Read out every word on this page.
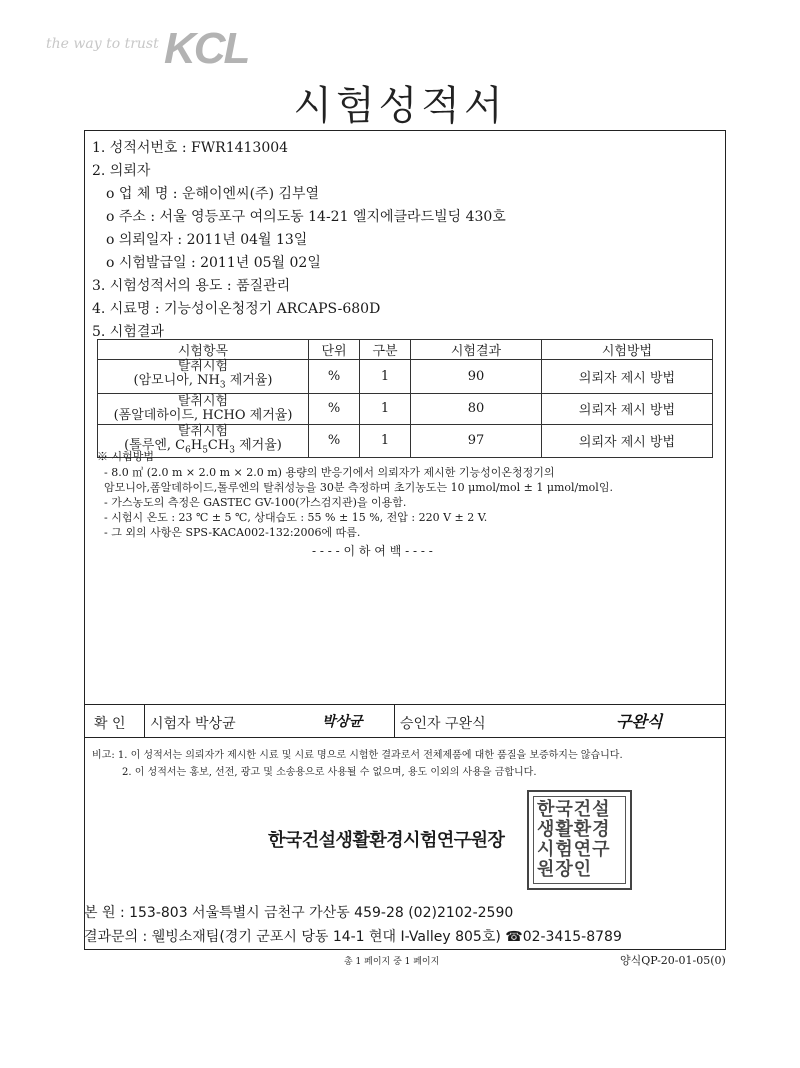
the way to trust KCL
시험성적서
1. 성적서번호 : FWR1413004
2. 의뢰자
o 업 체 명 : 운해이엔씨(주) 김부열
o 주소 : 서울 영등포구 여의도동 14-21 엘지에클라드빌딩 430호
o 의뢰일자 : 2011년 04월 13일
o 시험발급일 : 2011년 05월 02일
3. 시험성적서의 용도 : 품질관리
4. 시료명 : 기능성이온청정기 ARCAPS-680D
5. 시험결과
시험항목	단위	구분	시험결과	시험방법

탈취시험
(암모니아, $NH_3$ 제거율)	%	1	90	의뢰자 제시 방법

탈취시험
(폼알데하이드, HCHO 제거율)	%	1	80	의뢰자 제시 방법

탈취시험
(톨루엔, $C_6H_5CH_3$ 제거율)	%	1	97	의뢰자 제시 방법
※ 시험방법
- 8.0 ㎥ (2.0 m × 2.0 m × 2.0 m) 용량의 반응기에서 의뢰자가 제시한 기능성이온청정기의
암모니아,폼알데하이드,톨루엔의 탈취성능을 30분 측정하며 초기농도는 10 μmol/mol ± 1 μmol/mol임.
- 가스농도의 측정은 GASTEC GV-100(가스검지관)을 이용함.
- 시험시 온도 : 23 ℃ ± 5 ℃, 상대습도 : 55 % ± 15 %, 전압 : 220 V ± 2 V.
- 그 외의 사항은 SPS-KACA002-132:2006에 따름.
- - - - 이 하 여 백 - - - -
확 인 시험자 박상균	박상균	승인자 구완식	구완식
비고: 1. 이 성적서는 의뢰자가 제시한 시료 및 시료 명으로 시험한 결과로서 전체제품에 대한 품질을 보증하지는 않습니다.
2. 이 성적서는 홍보, 선전, 광고 및 소송용으로 사용될 수 없으며, 용도 이외의 사용을 금합니다.
한국건설생활환경시험연구원장
한국건설
생활환경
시험연구
원장인
본 원 : 153-803 서울특별시 금천구 가산동 459-28 (02)2102-2590
결과문의 : 웰빙소재팀(경기 군포시 당동 14-1 현대 I-Valley 805호) ☎02-3415-8789
총 1 페이지 중 1 페이지	양식QP-20-01-05(0)
